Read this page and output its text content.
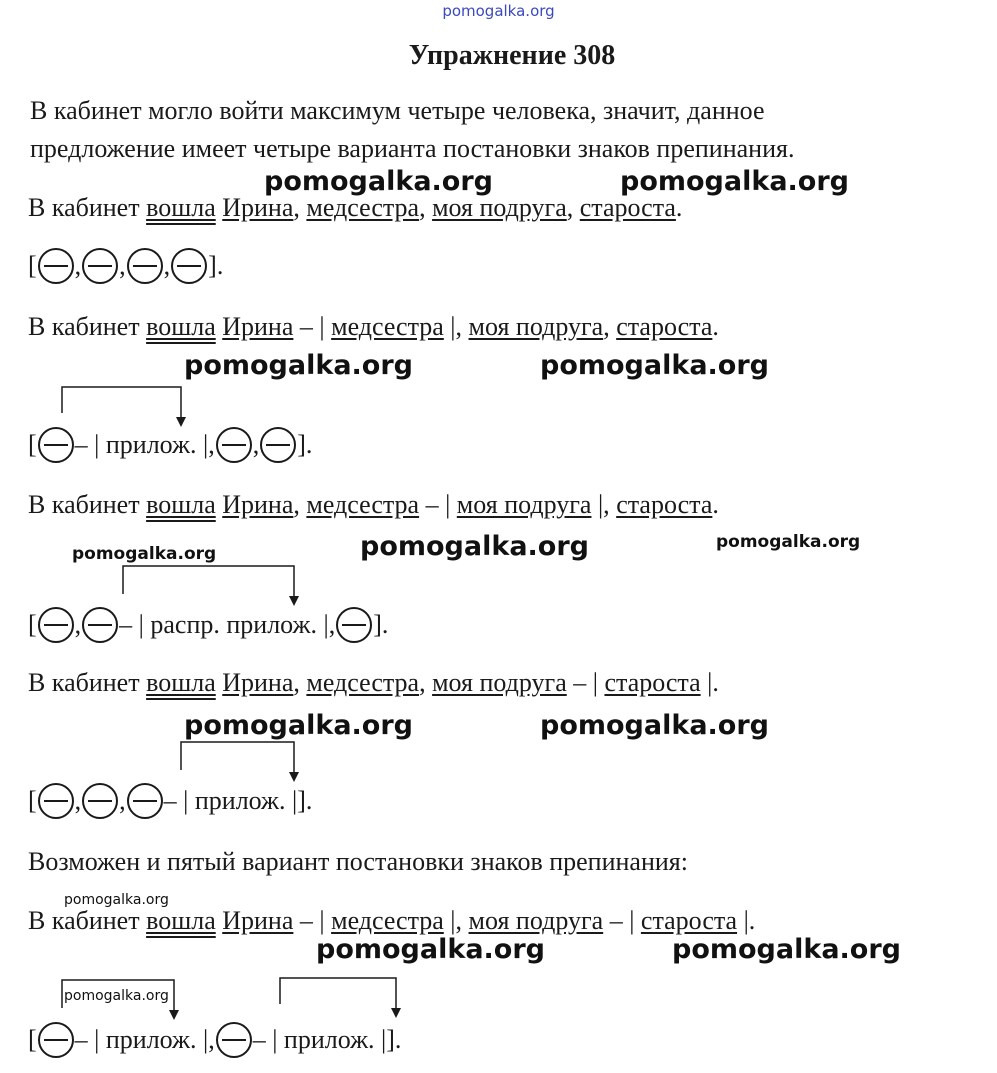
pomogalka.org
Упражнение 308
В кабинет могло войти максимум четыре человека, значит, данное
предложение имеет четыре варианта постановки знаков препинания.
В кабинет вошла Ирина, медсестра, моя подруга, староста.
[ , , , ].
В кабинет вошла Ирина – | медсестра |, моя подруга, староста.
[ – | прилож. |, , ].
В кабинет вошла Ирина, медсестра – | моя подруга |, староста.
[ , – | распр. прилож. |, ].
В кабинет вошла Ирина, медсестра, моя подруга – | староста |.
[ , , – | прилож. | ].
Возможен и пятый вариант постановки знаков препинания:
В кабинет вошла Ирина – | медсестра |, моя подруга – | староста |.
[ – | прилож. |, – | прилож. | ].
pomogalka.org	pomogalka.org
pomogalka.org	pomogalka.org
pomogalka.org	pomogalka.org	pomogalka.org
pomogalka.org	pomogalka.org
pomogalka.org
pomogalka.org	pomogalka.org
pomogalka.org
